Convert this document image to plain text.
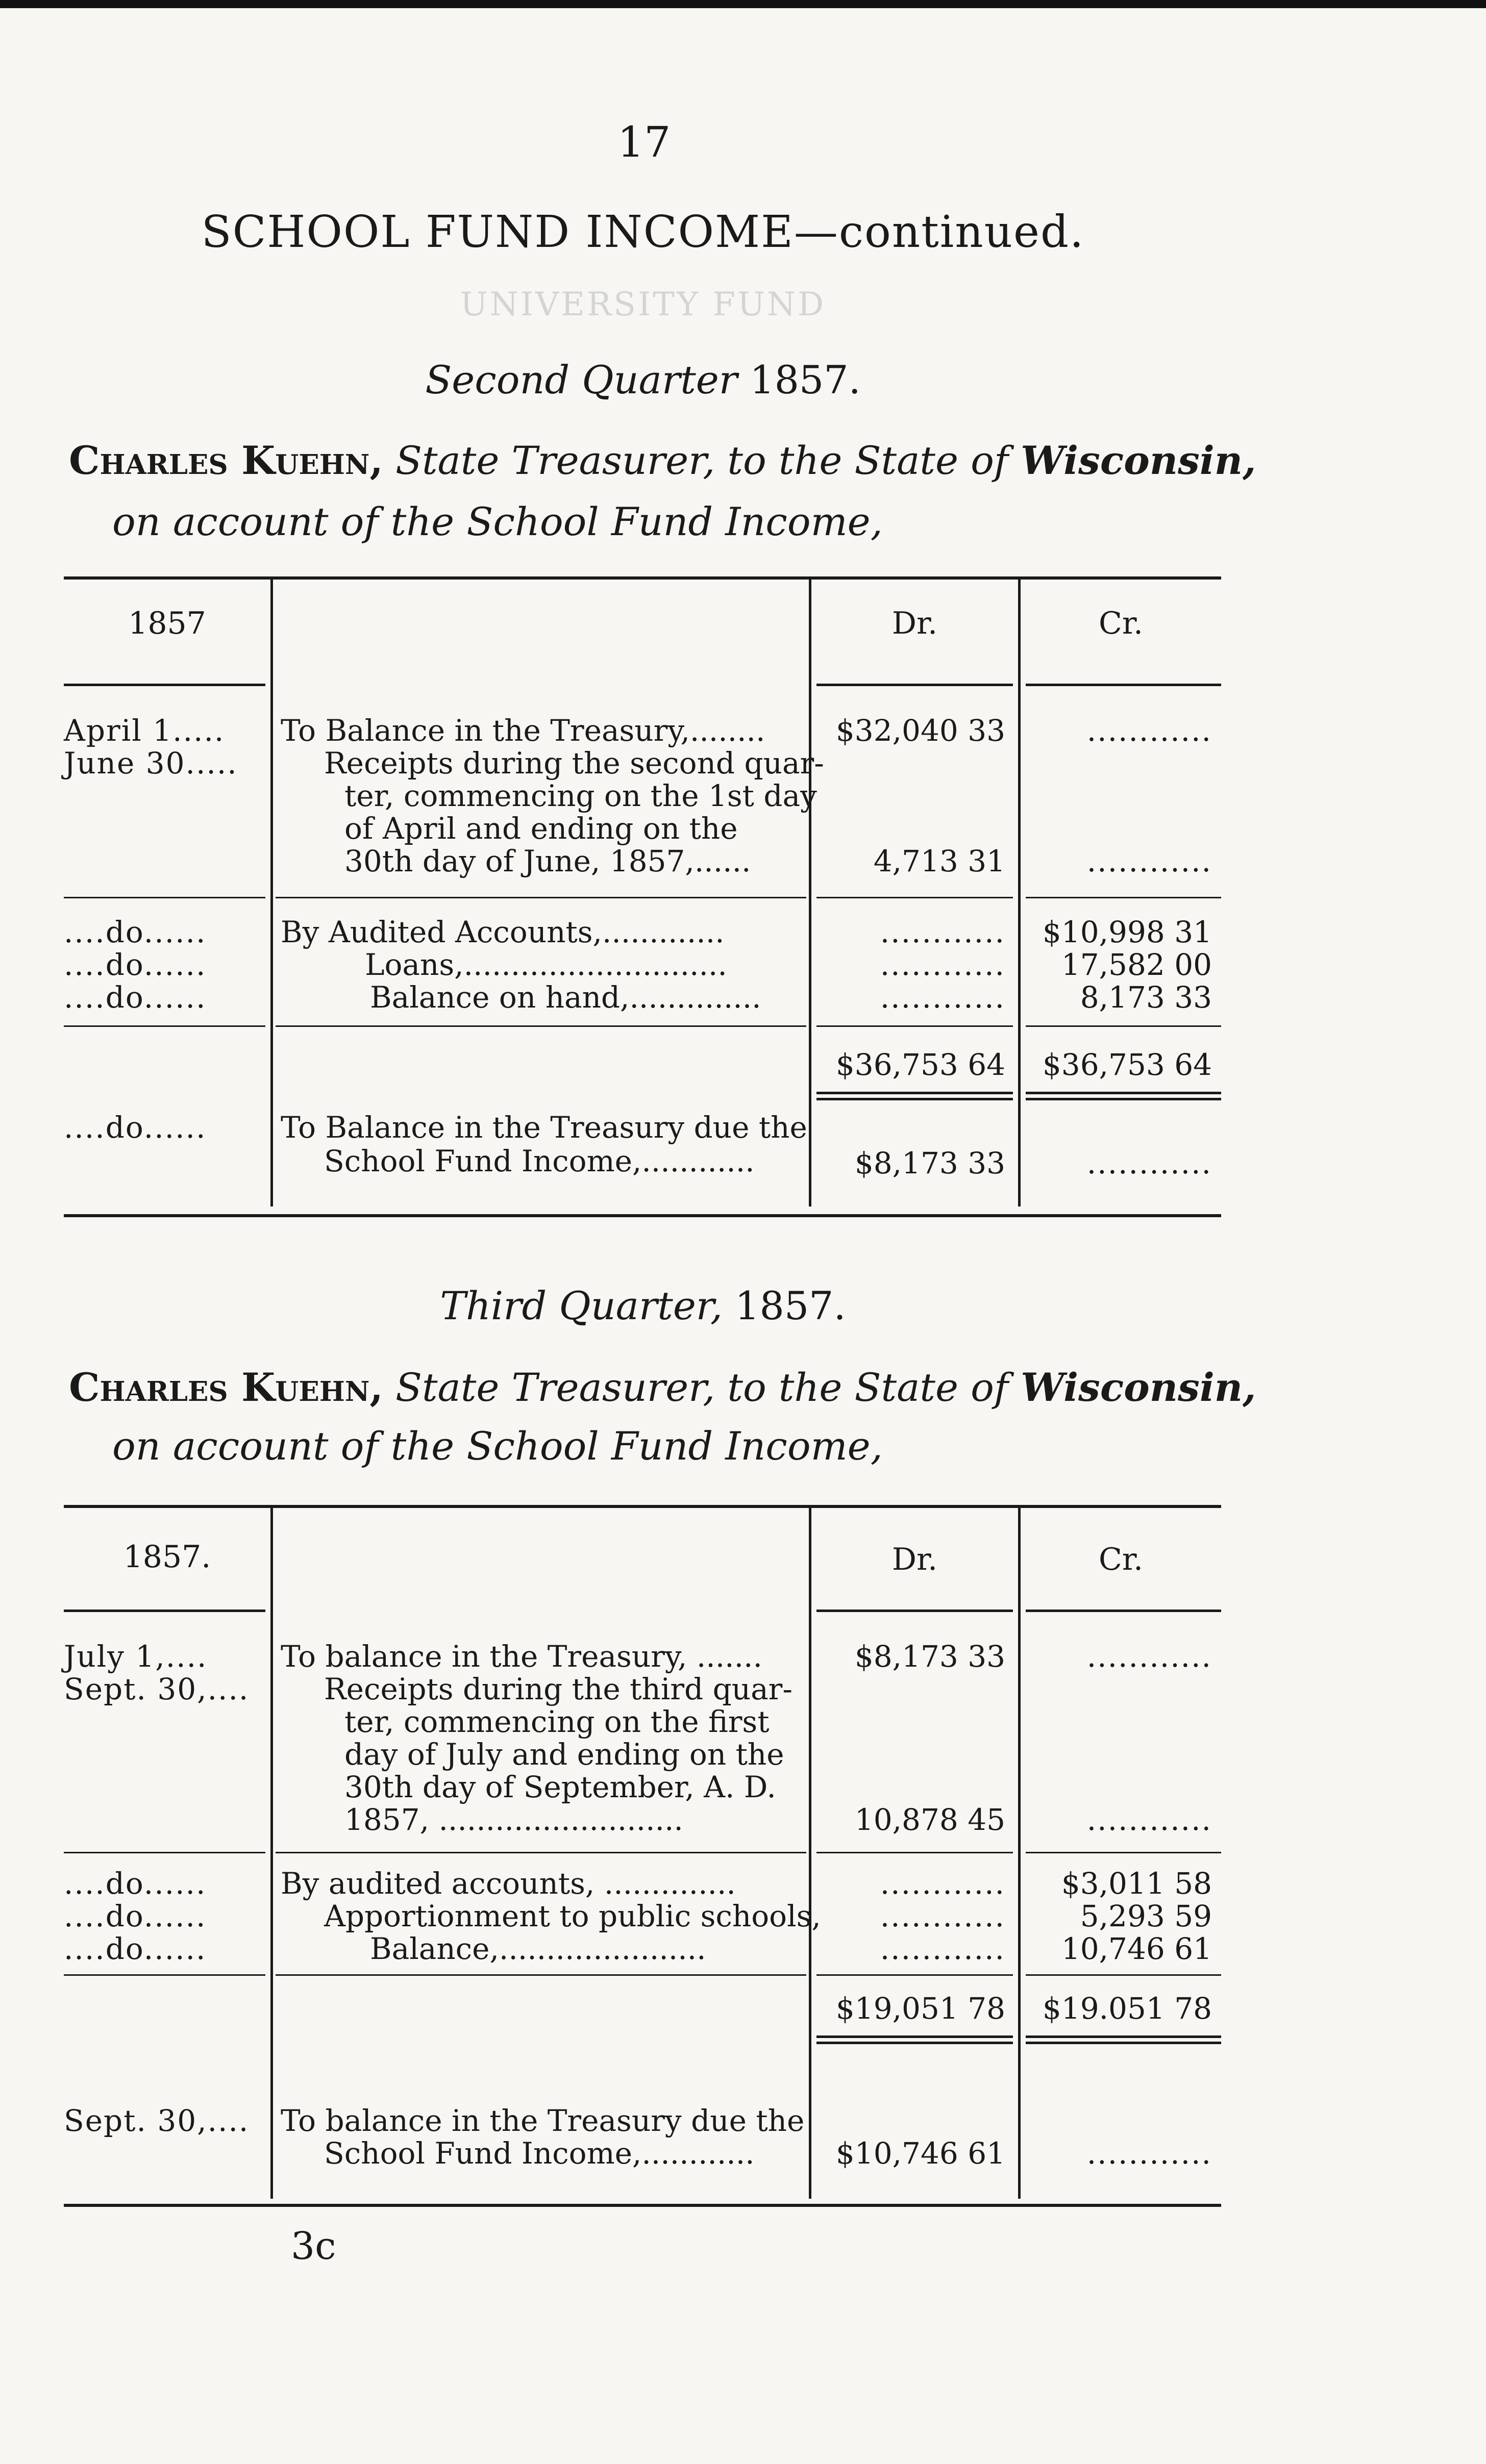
17
SCHOOL FUND INCOME—continued.
UNIVERSITY FUND
Second Quarter 1857.
Charles Kuehn, State Treasurer, to the State of Wisconsin,
on account of the School Fund Income,
1857	Dr.	Cr.
April 1..... To Balance in the Treasury,........	$32,040 33	............
June 30.....	Receipts during the second quar-
ter, commencing on the 1st day
of April and ending on the
30th day of June, 1857,......	4,713 31	............
....do......	By Audited Accounts,.............	............	$10,998 31
....do......	Loans,............................	............	17,582 00
....do......	Balance on hand,..............	............	8,173 33
$36,753 64	$36,753 64
....do......	To Balance in the Treasury due the
School Fund Income,............	$8,173 33	............
Third Quarter, 1857.
Charles Kuehn, State Treasurer, to the State of Wisconsin,
on account of the School Fund Income,
1857.	Dr.	Cr.
July 1,.... To balance in the Treasury, .......	$8,173 33	............
Sept. 30,....	Receipts during the third quar-
ter, commencing on the first
day of July and ending on the
30th day of September, A. D.
1857, ..........................	10,878 45	............
....do......	By audited accounts, ..............	............	$3,011 58
....do......	Apportionment to public schools,	............	5,293 59
....do......	Balance,......................	............	10,746 61
$19,051 78	$19.051 78
Sept. 30,.... To balance in the Treasury due the
School Fund Income,............	$10,746 61	............
3c
